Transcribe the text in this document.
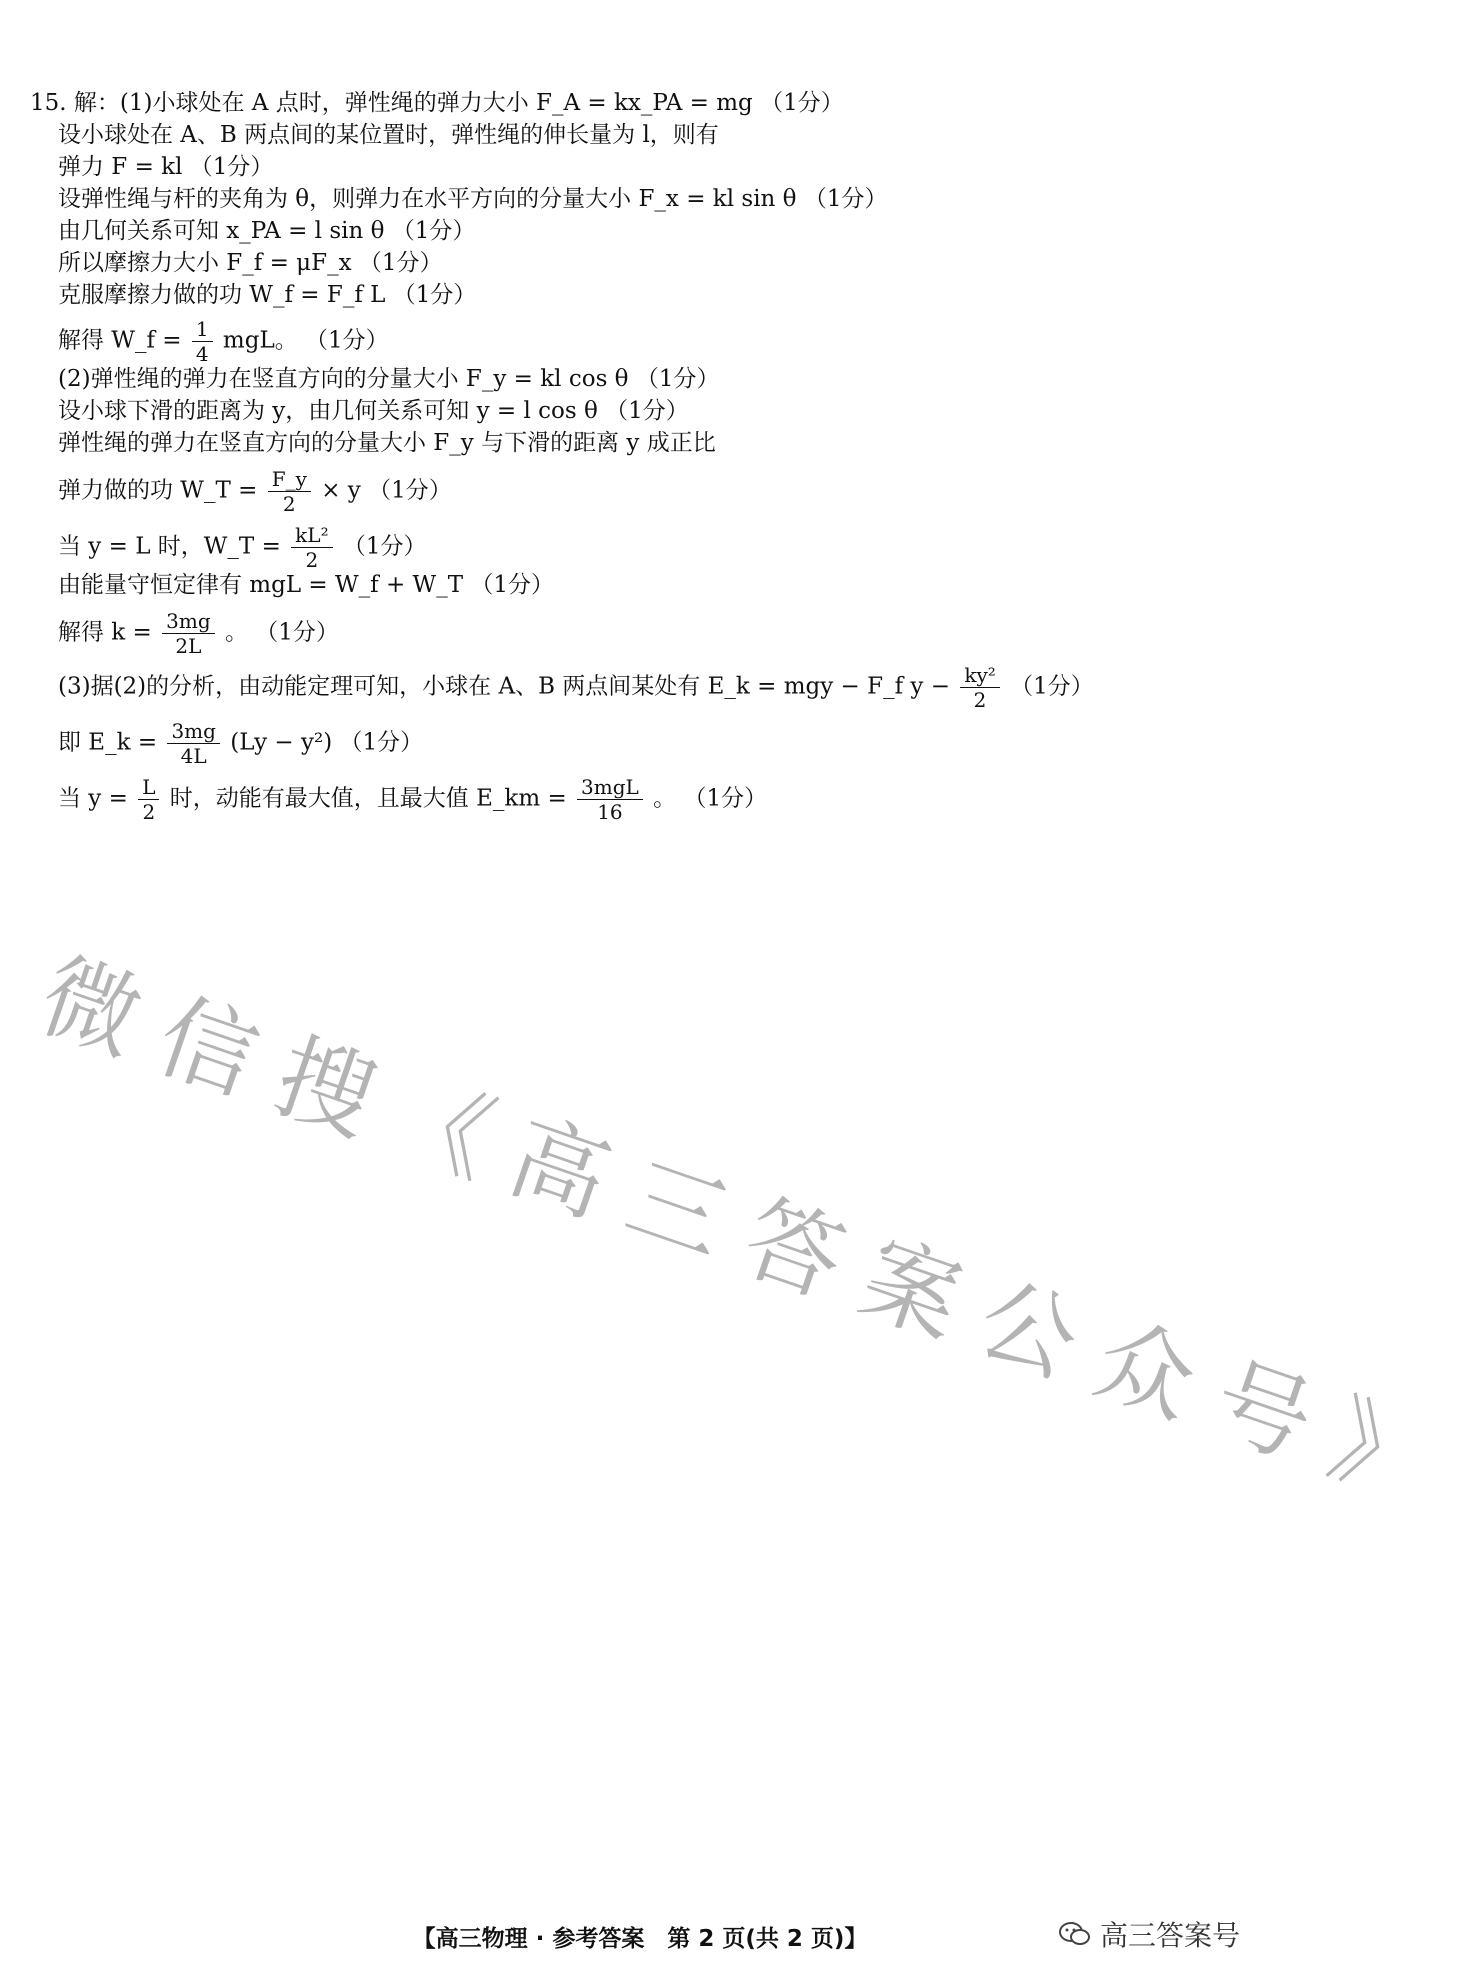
15. 解：(1)小球处在 A 点时，弹性绳的弹力大小 F_A = kx_PA = mg （1分）
设小球处在 A、B 两点间的某位置时，弹性绳的伸长量为 l，则有
弹力 F = kl （1分）
设弹性绳与杆的夹角为 θ，则弹力在水平方向的分量大小 F_x = kl sin θ （1分）
由几何关系可知 x_PA = l sin θ （1分）
所以摩擦力大小 F_f = μF_x （1分）
克服摩擦力做的功 W_f = F_f L （1分）
解得 W_f = $\frac{1}{4}$ mgL。 （1分）
(2)弹性绳的弹力在竖直方向的分量大小 F_y = kl cos θ （1分）
设小球下滑的距离为 y，由几何关系可知 y = l cos θ （1分）
弹性绳的弹力在竖直方向的分量大小 F_y 与下滑的距离 y 成正比
弹力做的功 W_T = $\frac{F\_y}{2} \times y$ （1分）
当 y = L 时，W_T = $\frac{\text{kL²}}{2} (1$分）
由能量守恒定律有 mgL = W_f + W_T （1分）
解得 $k = \frac{3mg}{2L}$ 。 （1分）
(3)据(2)的分析，由动能定理可知，小球在 A、B 两点间某处有 E_k = mgy − F_f $y - \frac{\text{ky²}}{2} (1$分）
即 E_k = $\frac{3mg}{4L} (Ly - y^2)$ （1分）
当 $y = \frac{L}{2}$ 时，动能有最大值，且最大值 E_km = $\frac{\text{3mgL}}{16}$ 。 （1分）
微信搜《高三答案公众号》
【高三物理 · 参考答案　第 2 页(共 2 页)】	高三答案号
